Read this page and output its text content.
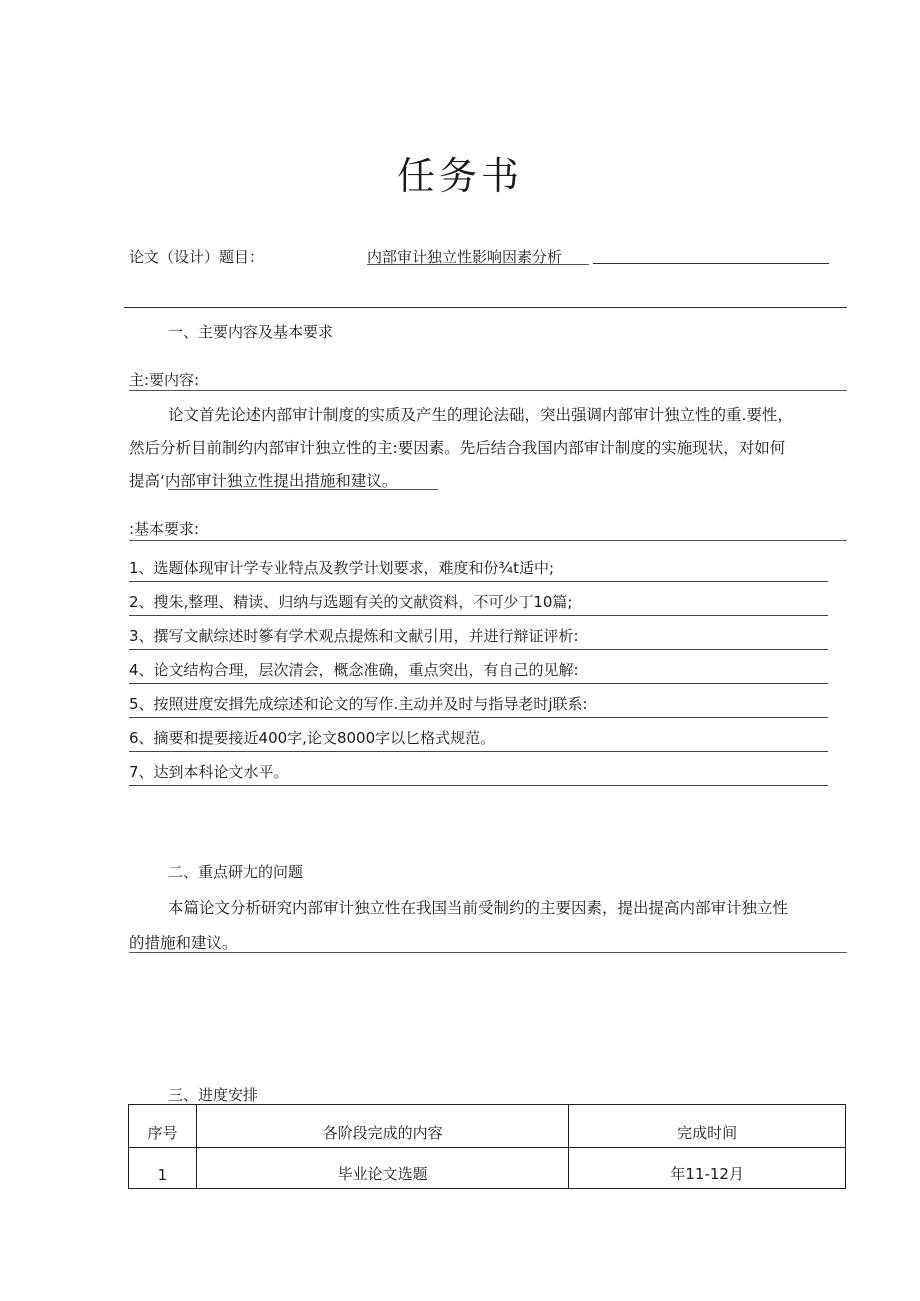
任务书
论文（设计）题目：	内部审计独立性影响因素分析
一、主要内容及基本要求
主:要内容:
论文首先论述内部审计制度的实质及产生的理论法础，突出强调内部审计独立性的重.要性，
然后分析目前制约内部审计独立性的主:要因素。先后结合我国内部审计制度的实施现状，对如何
提高‘内部审计独立性提出措施和建议。
:基本要求:
1、选题体现审计学专业特点及教学计划要求，难度和份¾t适中;
2、搜朱,整理、精读、归纳与选题有关的文献资料，不可少丁10篇;
3、撰写文献综述时篸有学术观点提炼和文献引用，并进行辩证评析:
4、论文结构合理，层次清会，概念准确，重点突出，有自己的见解:
5、按照进度安揖先成综述和论文的写作.主动并及时与指导老时j联系:
6、摘要和提要接近400字,论文8000字以匕格式规范。
7、达到本科论文水平。
二、重点研尢的问题
本篇论文分析研究内部审计独立性在我国当前受制约的主要因素，提出提高内部审计独立性
的措施和建议。
三、进度安排
序号	各阶段完成的内容	完成时间
1	毕业论文选题	年11-12月
